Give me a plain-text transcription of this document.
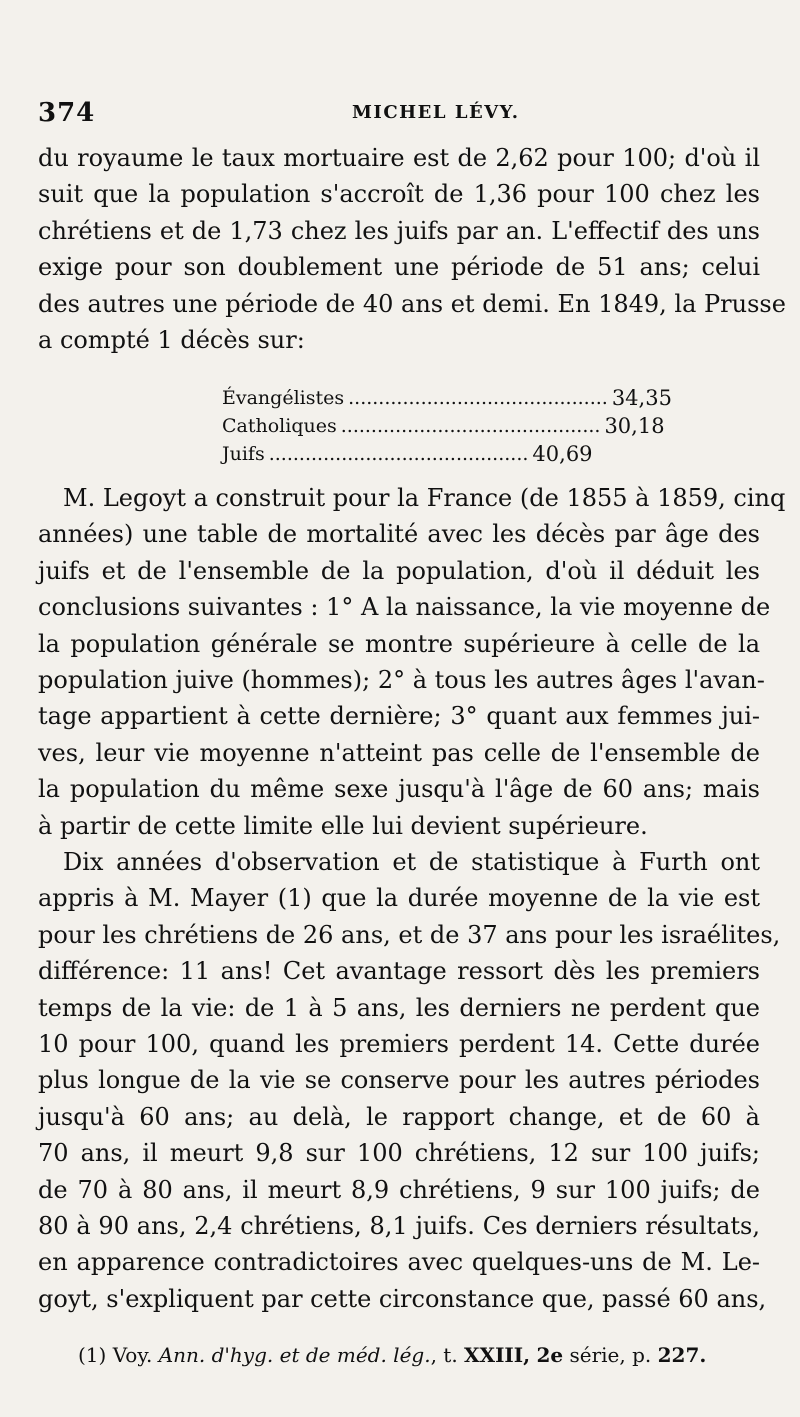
374	MICHEL LÉVY.
du royaume le taux mortuaire est de 2,62 pour 100; d'où il
suit que la population s'accroît de 1,36 pour 100 chez les
chrétiens et de 1,73 chez les juifs par an. L'effectif des uns
exige pour son doublement une période de 51 ans; celui
des autres une période de 40 ans et demi. En 1849, la Prusse
a compté 1 décès sur:
Évangélistes ........................................... 34,35
Catholiques ........................................... 30,18
Juifs ........................................... 40,69
M. Legoyt a construit pour la France (de 1855 à 1859, cinq
années) une table de mortalité avec les décès par âge des
juifs et de l'ensemble de la population, d'où il déduit les
conclusions suivantes : 1° A la naissance, la vie moyenne de
la population générale se montre supérieure à celle de la
population juive (hommes); 2° à tous les autres âges l'avan-
tage appartient à cette dernière; 3° quant aux femmes jui-
ves, leur vie moyenne n'atteint pas celle de l'ensemble de
la population du même sexe jusqu'à l'âge de 60 ans; mais
à partir de cette limite elle lui devient supérieure.
Dix années d'observation et de statistique à Furth ont
appris à M. Mayer (1) que la durée moyenne de la vie est
pour les chrétiens de 26 ans, et de 37 ans pour les israélites,
différence: 11 ans! Cet avantage ressort dès les premiers
temps de la vie: de 1 à 5 ans, les derniers ne perdent que
10 pour 100, quand les premiers perdent 14. Cette durée
plus longue de la vie se conserve pour les autres périodes
jusqu'à 60 ans; au delà, le rapport change, et de 60 à
70 ans, il meurt 9,8 sur 100 chrétiens, 12 sur 100 juifs;
de 70 à 80 ans, il meurt 8,9 chrétiens, 9 sur 100 juifs; de
80 à 90 ans, 2,4 chrétiens, 8,1 juifs. Ces derniers résultats,
en apparence contradictoires avec quelques-uns de M. Le-
goyt, s'expliquent par cette circonstance que, passé 60 ans,
(1) Voy. Ann. d'hyg. et de méd. lég., t. XXIII, 2e série, p. 227.
